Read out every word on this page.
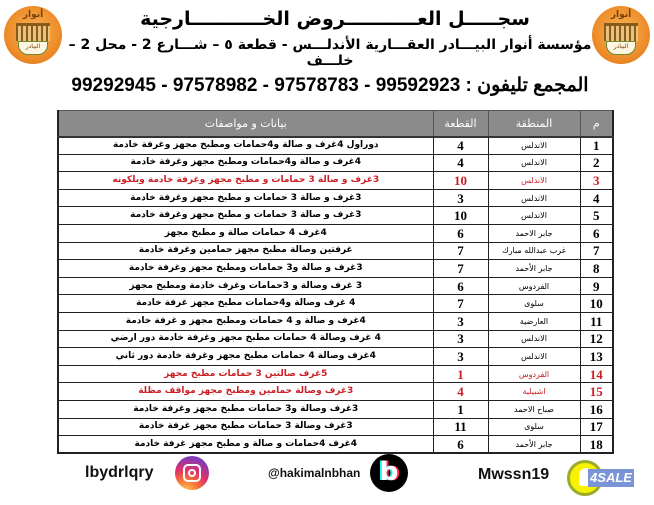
أنوار
البيادر
أنوار
البيادر
سجـــــل العـــــــــــروض الخـــــــــــارجية
مؤسسة أنوار البيـــادر العقـــارية الأندلـــس - قطعة ٥ – شـــارع 2 - محل 2 – خلـــف
المجمع تليفون : 99592923 - 97578783 - 97578982 - 99292945
م	المنطقة	القطعة	بيانات و مواصفات
1	الاندلس	4	دوراول 4غرف و صالة و4حمامات ومطبخ مجهز وغرفة خادمة
2	الاندلس	4	4غرف و صالة و4حمامات ومطبخ مجهز وغرفة خادمة
3	الاندلس	10	3غرف و صالة 3 حمامات و مطبخ مجهز وغرفة خادمة وبلكونه
4	الاندلس	3	3غرف و صالة 3 حمامات و مطبخ مجهز وغرفة خادمة
5	الاندلس	10	3غرف و صالة 3 حمامات و مطبخ مجهز وغرفة خادمة
6	جابر الاحمد	6	4غرف 4 حمامات صالة و مطبخ مجهز
7	غرب عبدالله مبارك	7	غرفتين وصالة مطبخ مجهز حمامين وغرفة خادمة
8	جابر الأحمد	7	3غرف و صالة و3 حمامات ومطبخ مجهز وغرفة خادمة
9	الفردوس	6	3 غرف وصالة و 3حمامات وغرف خادمة ومطبخ مجهز
10	سلوى	7	4 غرف وصالة و4حمامات مطبخ مجهز غرفة خادمة
11	العارضية	3	4غرف و صالة و 4 حمامات ومطبخ مجهز و غرفة خادمة
12	الاندلس	3	4 غرف وصالة 4 حمامات مطبخ مجهز وغرفة خادمة دور ارضي
13	الاندلس	3	4غرف وصالة 4 حمامات مطبخ مجهز وغرفة خادمة دور ثاني
14	الفردوس	1	5غرف صالتين 3 حمامات مطبخ مجهز
15	اشبيلية	4	3غرف وصالة حمامين ومطبخ مجهز مواقف مظلة
16	صباح الاحمد	1	3غرف وصالة و3 حمامات مطبخ مجهز وغرفة خادمة
17	سلوى	11	3غرف وصالة 3 حمامات مطبخ مجهز غرفة خادمة
18	جابر الأحمد	6	4غرف 4حمامات و صالة و مطبخ مجهز غرفة خادمة
lbydrlqry	@hakimalnbhan b	Mwssn19	4SALE
